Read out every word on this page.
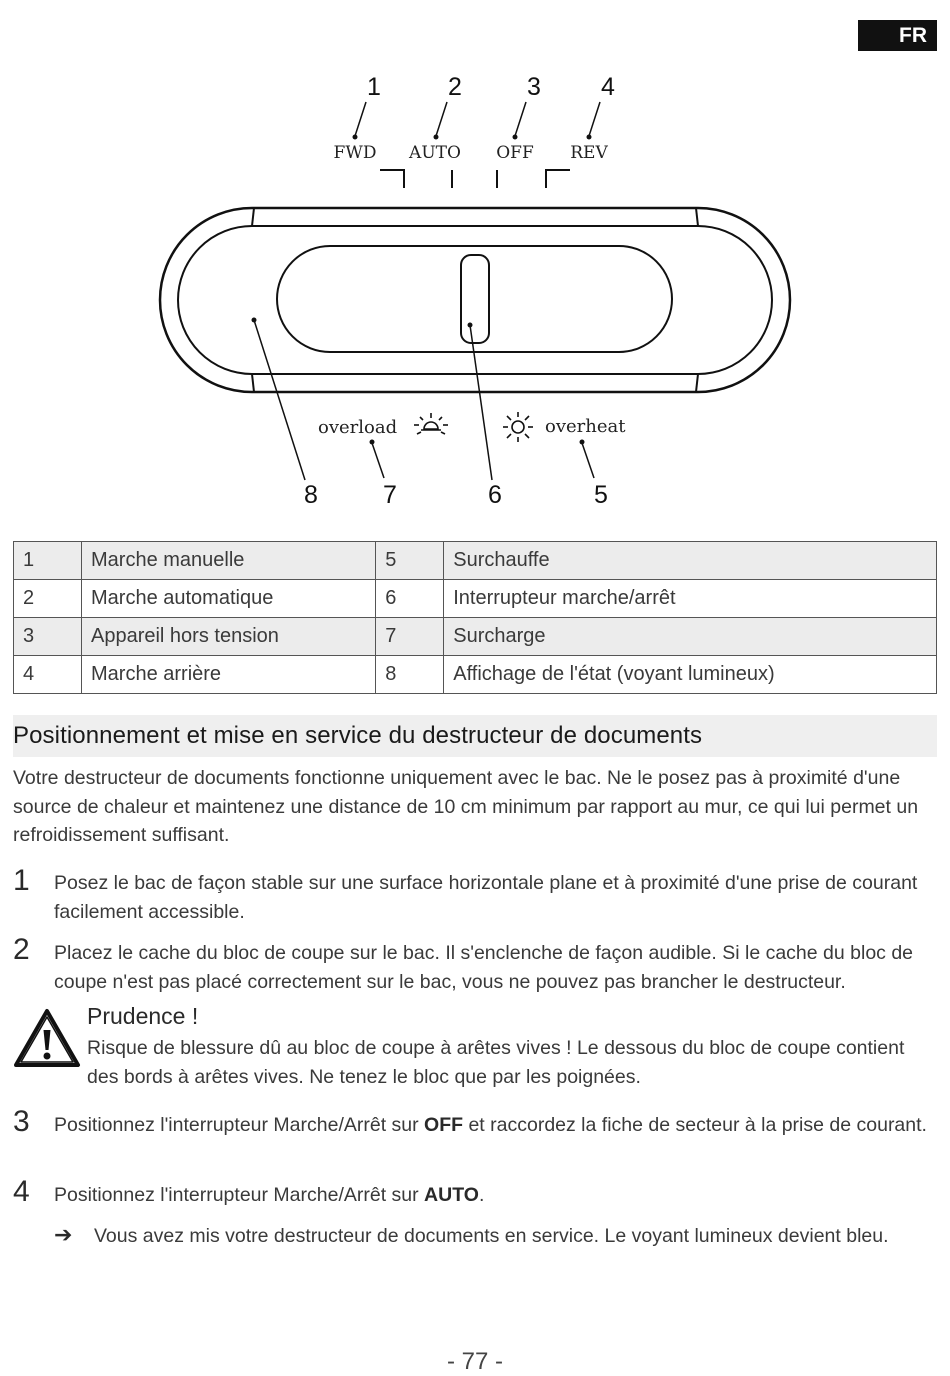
FR
1	2	3 4
5
6
7
8
FWD AUTO OFF REV
overload	overheat
1	Marche manuelle	5	Surchauffe
2	Marche automatique	6	Interrupteur marche/arrêt
3	Appareil hors tension	7	Surcharge
4	Marche arrière	8	Affichage de l'état (voyant lumineux)
Positionnement et mise en service du destructeur de documents

Votre destructeur de documents fonctionne uniquement avec le bac. Ne le posez pas à proximité d'une source de chaleur et maintenez une distance de 10 cm minimum par rapport au mur, ce qui lui permet un refroidissement suffisant.

1 Posez le bac de façon stable sur une surface horizontale plane et à proximité d'une prise de courant facilement accessible.

2 Placez le cache du bloc de coupe sur le bac. Il s'enclenche de façon audible. Si le cache du bloc de coupe n'est pas placé correctement sur le bac, vous ne pouvez pas brancher le destructeur.

Prudence !

Risque de blessure dû au bloc de coupe à arêtes vives ! Le dessous du bloc de coupe contient des bords à arêtes vives. Ne tenez le bloc que par les poignées.

3 Positionnez l'interrupteur Marche/Arrêt sur OFF et raccordez la fiche de secteur à la prise de courant.

4 Positionnez l'interrupteur Marche/Arrêt sur AUTO.

➔ Vous avez mis votre destructeur de documents en service. Le voyant lumineux devient bleu.

- 77 -
